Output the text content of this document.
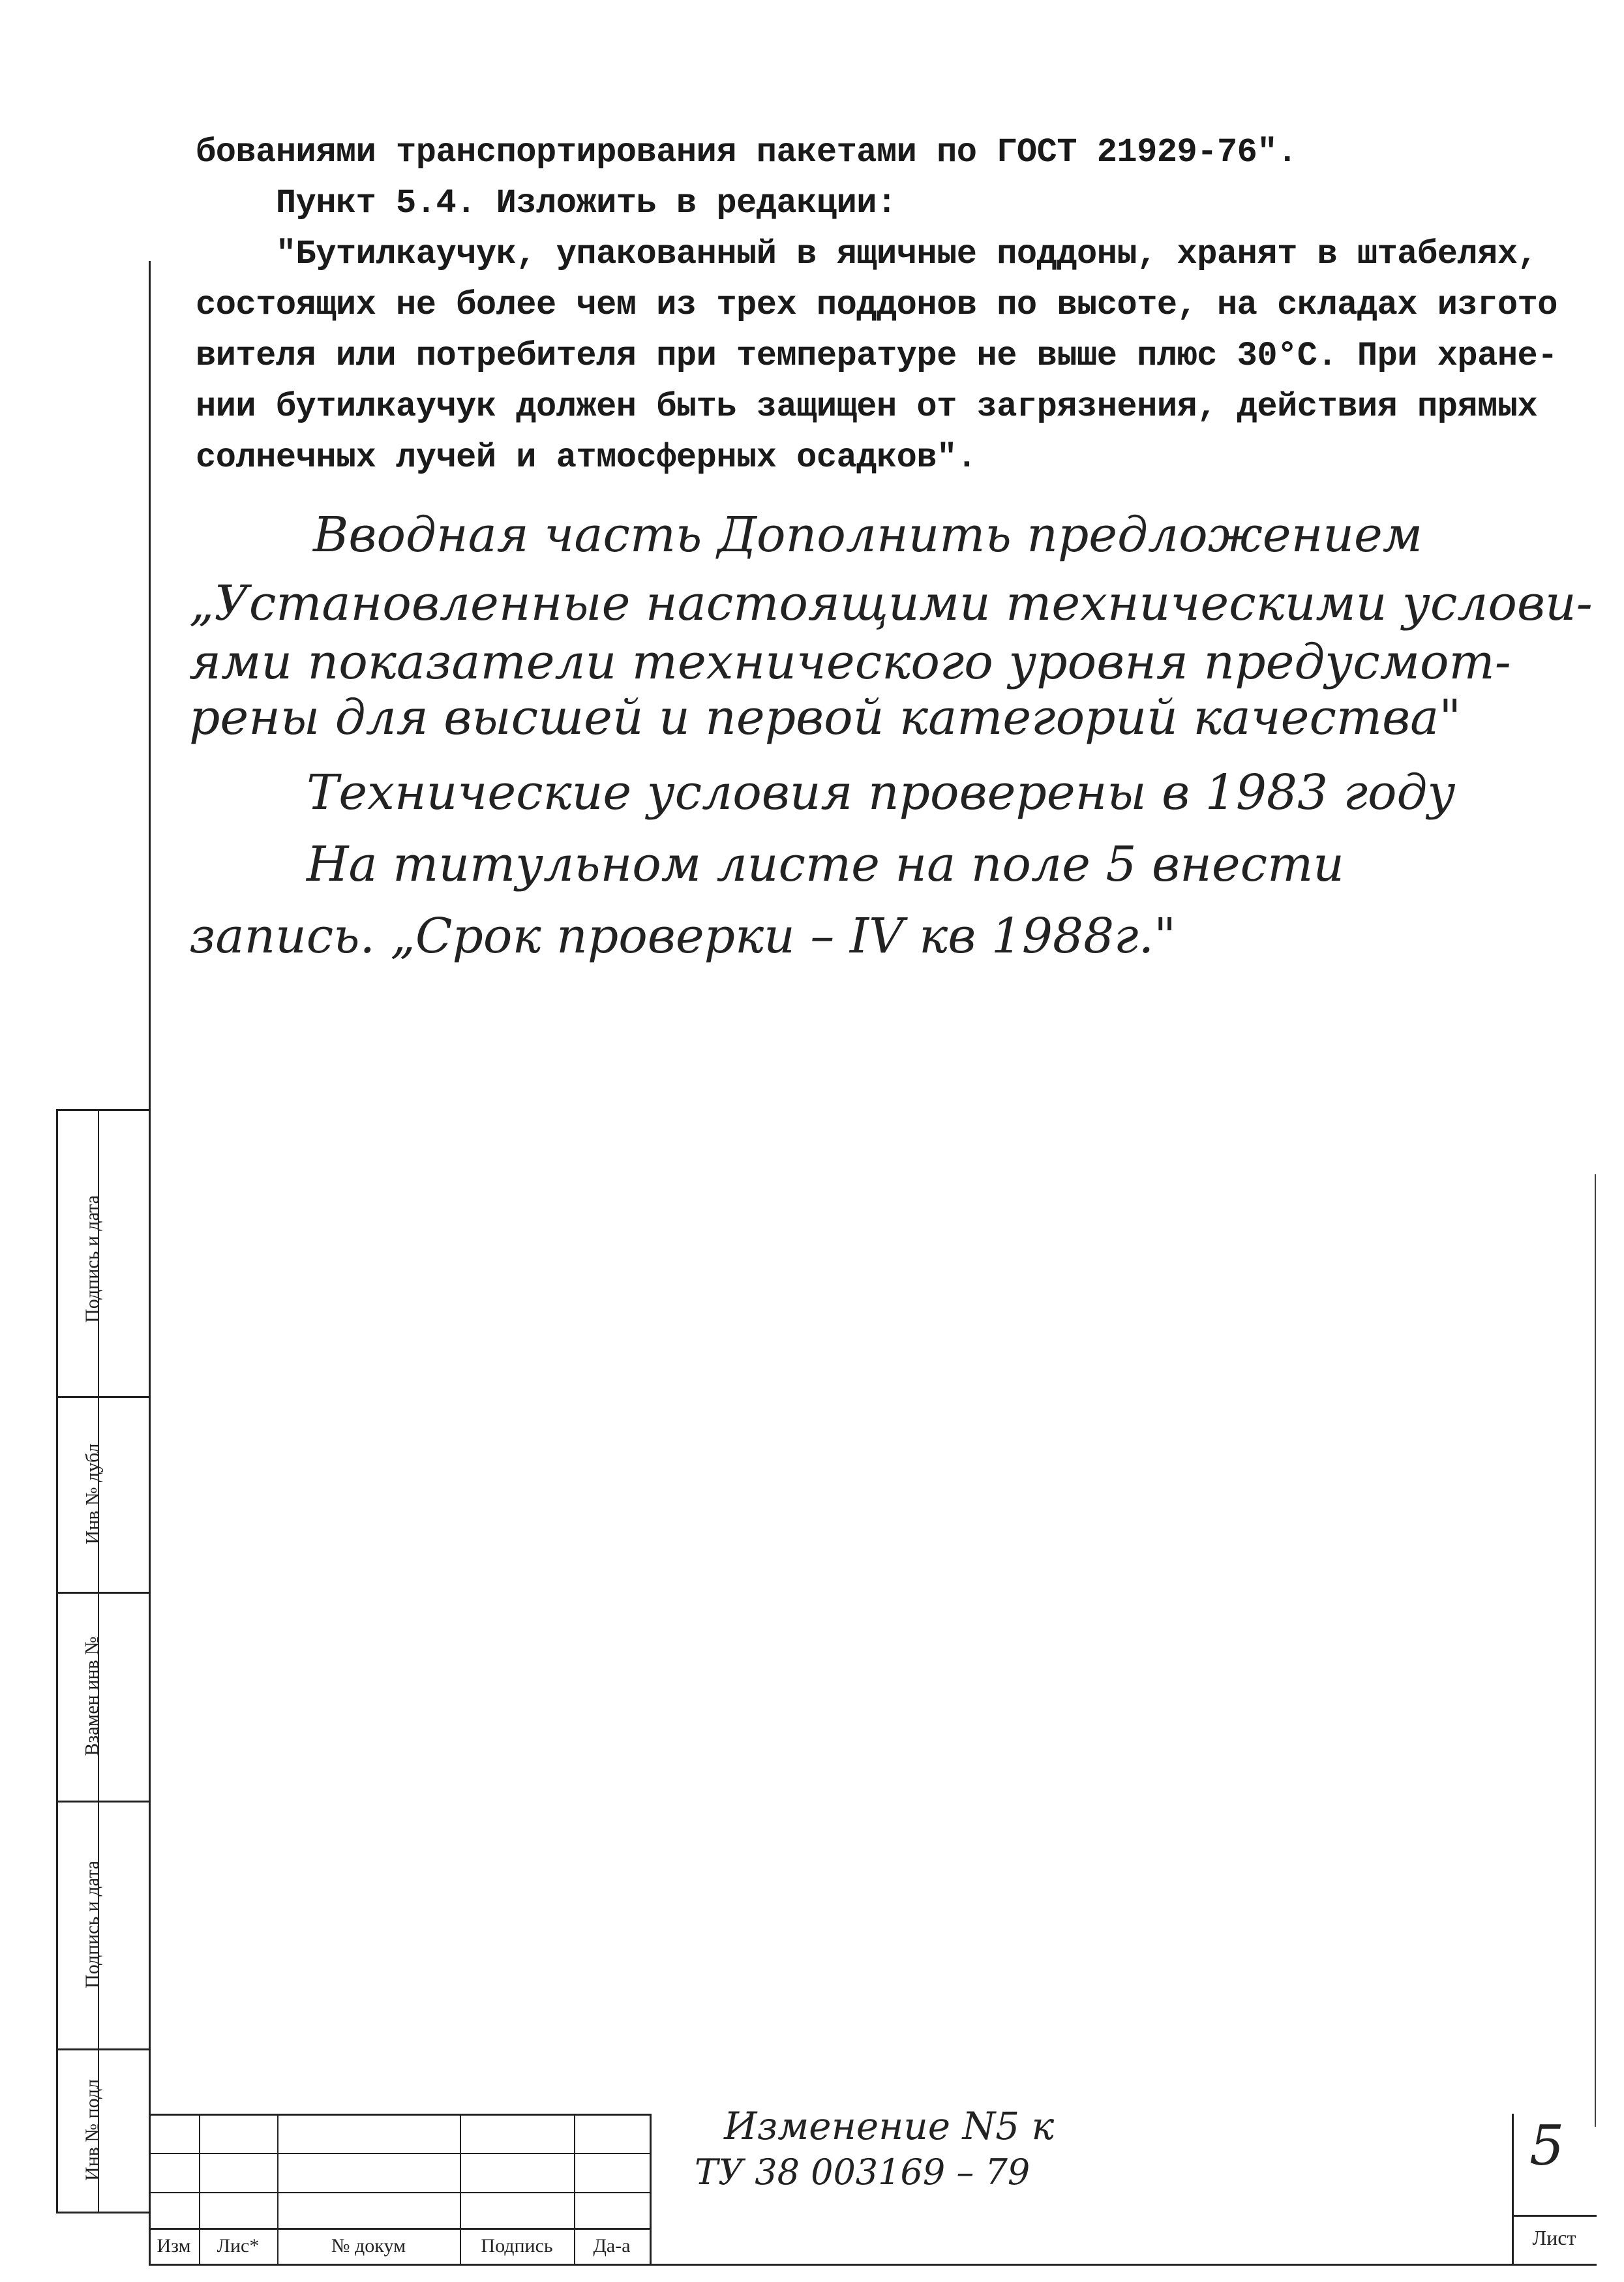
бованиями транспортирования пакетами по ГОСТ 21929-76".
Пункт 5.4. Изложить в редакции:
"Бутилкаучук, упакованный в ящичные поддоны, хранят в штабелях,
состоящих не более чем из трех поддонов по высоте, на складах изгото
вителя или потребителя при температуре не выше плюс 30°С. При хране-
нии бутилкаучук должен быть защищен от загрязнения, действия прямых
солнечных лучей и атмосферных осадков".
Вводная часть Дополнить предложением
„Установленные настоящими техническими услови-
ями показатели технического уровня предусмот-
рены для высшей и первой категорий качества"
Технические условия проверены в 1983 году
На титульном листе на поле 5 внести
запись. „Срок проверки – IV кв 1988г."
Подпись и дата
Инв № дубл
Взамен инв №
Подпись и дата
Инв № подл
Изм	Лис*	№ докум	Подпись	Да-а
Изменение N5 к
ТУ 38 003169 – 79	5
Лист
